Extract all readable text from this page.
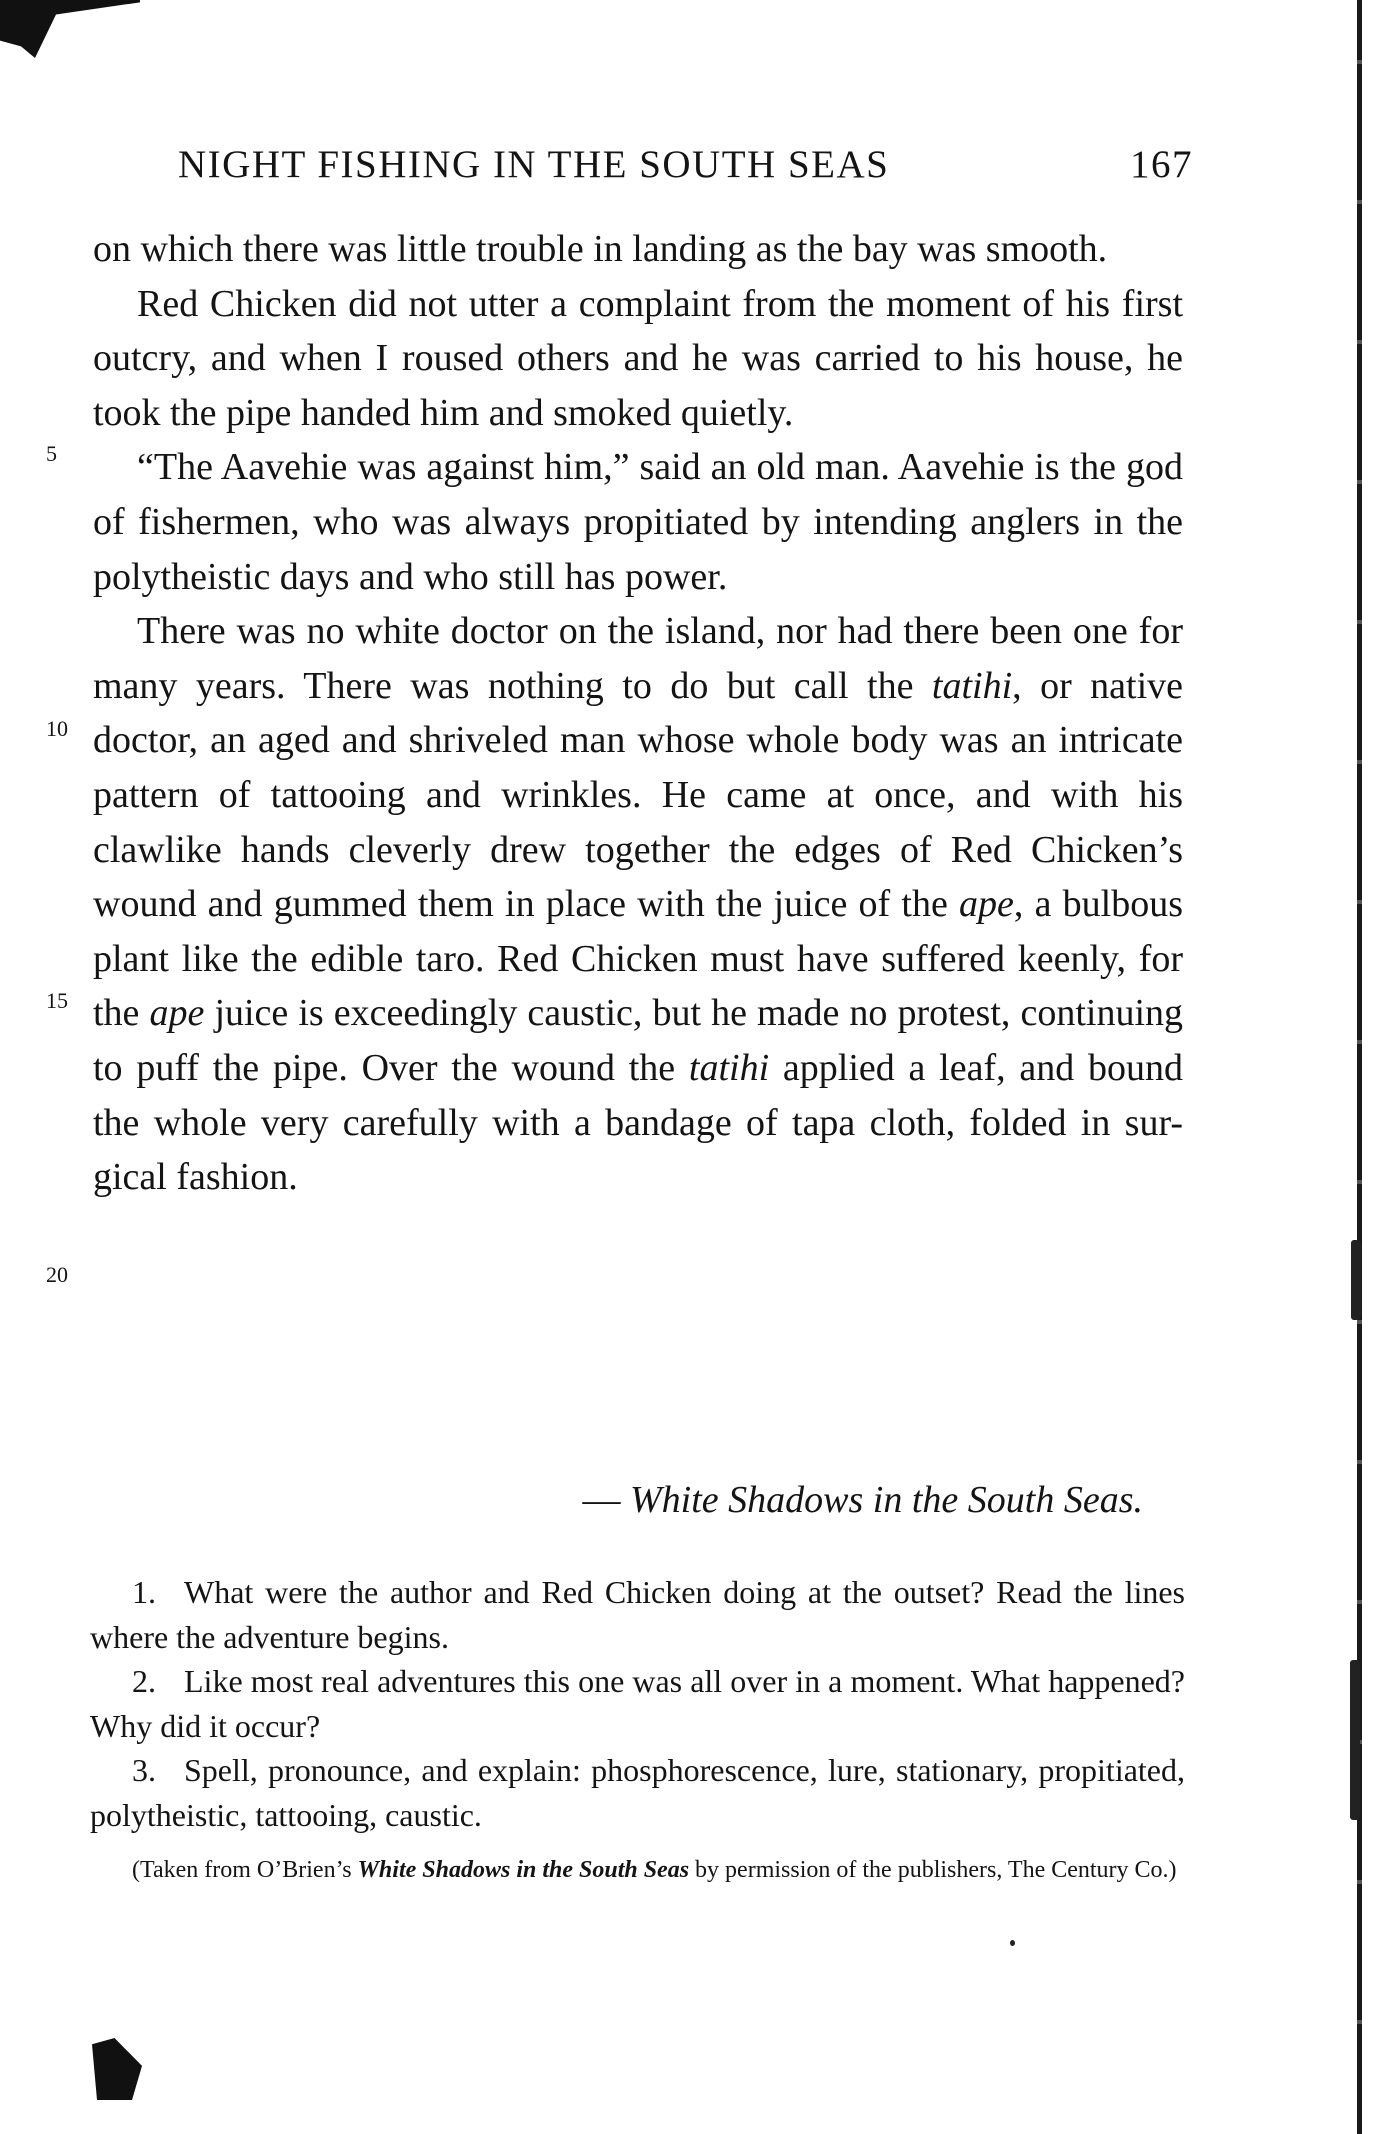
NIGHT FISHING IN THE SOUTH SEAS	167

on which there was little trouble in landing as the bay was smooth.

Red Chicken did not utter a complaint from the moment of his first outcry, and when I roused others and he was carried to his house, he took the pipe handed him and smoked quietly.

“The Aavehie was against him,” said an old man. Aavehie is the god of fishermen, who was always propitiated by intending anglers in the polytheistic days and who still has power.

There was no white doctor on the island, nor had there been one for many years. There was nothing to do but call the tatihi, or native doctor, an aged and shriveled man whose whole body was an intricate pattern of tattooing and wrinkles. He came at once, and with his clawlike hands cleverly drew together the edges of Red Chicken’s wound and gummed them in place with the juice of the ape, a bulbous plant like the edible taro. Red Chicken must have suffered keenly, for the ape juice is exceedingly caustic, but he made no protest, continuing to puff the pipe. Over the wound the tatihi applied a leaf, and bound the whole very carefully with a bandage of tapa cloth, folded in sur-gical fashion.

5
10
15
20
— White Shadows in the South Seas.

1. What were the author and Red Chicken doing at the outset? Read the lines where the adventure begins.

2. Like most real adventures this one was all over in a moment. What happened? Why did it occur?

3. Spell, pronounce, and explain: phosphorescence, lure, stationary, propitiated, polytheistic, tattooing, caustic.

(Taken from O’Brien’s White Shadows in the South Seas by permission of the publishers, The Century Co.)
